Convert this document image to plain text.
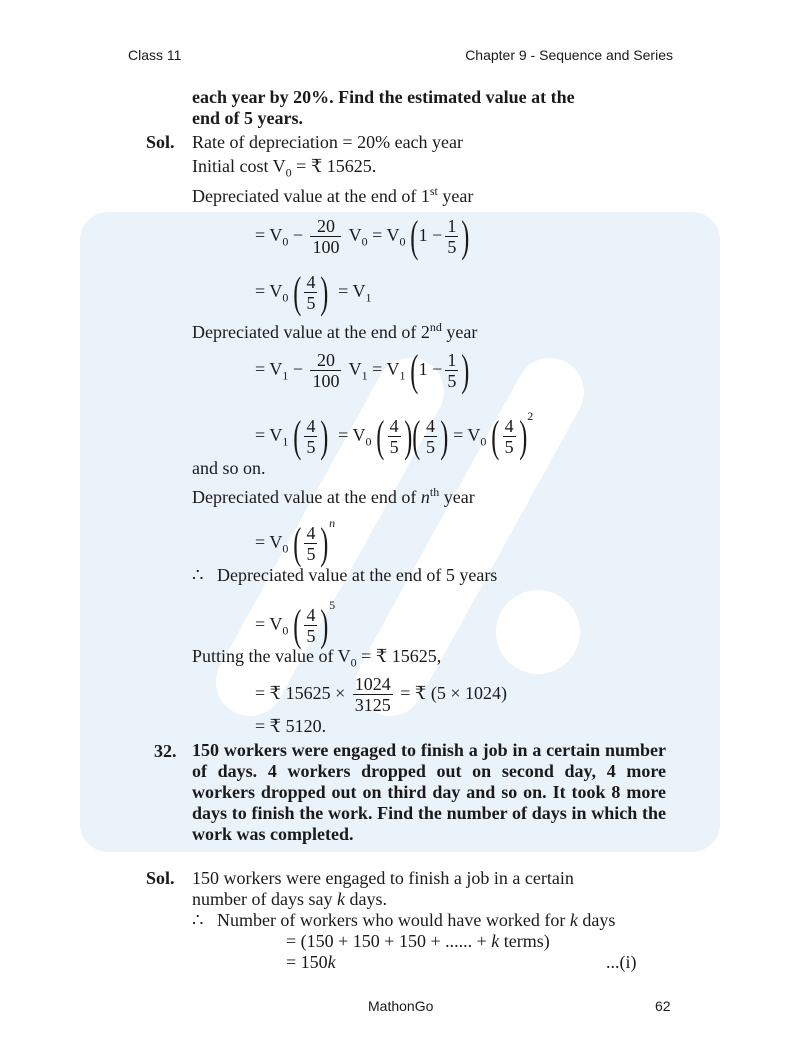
Class 11	Chapter 9 - Sequence and Series
each year by 20%. Find the estimated value at the
end of 5 years.
Sol. Rate of depreciation = 20% each year
Initial cost $V_0$ = ₹ 15625.
Depreciated value at the end of 1st year
= $V_0 - \frac{20}{100} V_0 = V_0$ ($1 - \frac{1}{5}$ )
= $V_0$ ( $\frac{4}{5}$ )  = $V_1$
Depreciated value at the end of 2nd year
= $V_1 - \frac{20}{100} V_1 = V_1$ ($1 - \frac{1}{5}$ )
= $V_1$ ( $\frac{4}{5}$ )  = $V_0$ ( $\frac{4}{5}$ )( $\frac{4}{5}$ ) = $V_0$ ( $\frac{4}{5} )^2$
and so on.
Depreciated value at the end of $n^{th}$ year
= $V_0$ ( $\frac{4}{5} )^n$
∴ Depreciated value at the end of 5 years
= $V_0$ ( $\frac{4}{5} )^5$
Putting the value of $V_0$ = ₹ 15625,
= ₹ $15625 \times \frac{1024}{3125}$ = ₹ (5 × 1024)
= ₹ 5120.
32. 150 workers were engaged to finish a job in a certain number of days. 4 workers dropped out on second day, 4 more workers dropped out on third day and so on. It took 8 more days to finish the work. Find the number of days in which the work was completed.
Sol. 150 workers were engaged to finish a job in a certain
number of days say k days.
∴ Number of workers who would have worked for k days
= (150 + 150 + 150 + ...... + k terms)
= 150k	...(i)
MathonGo	62
